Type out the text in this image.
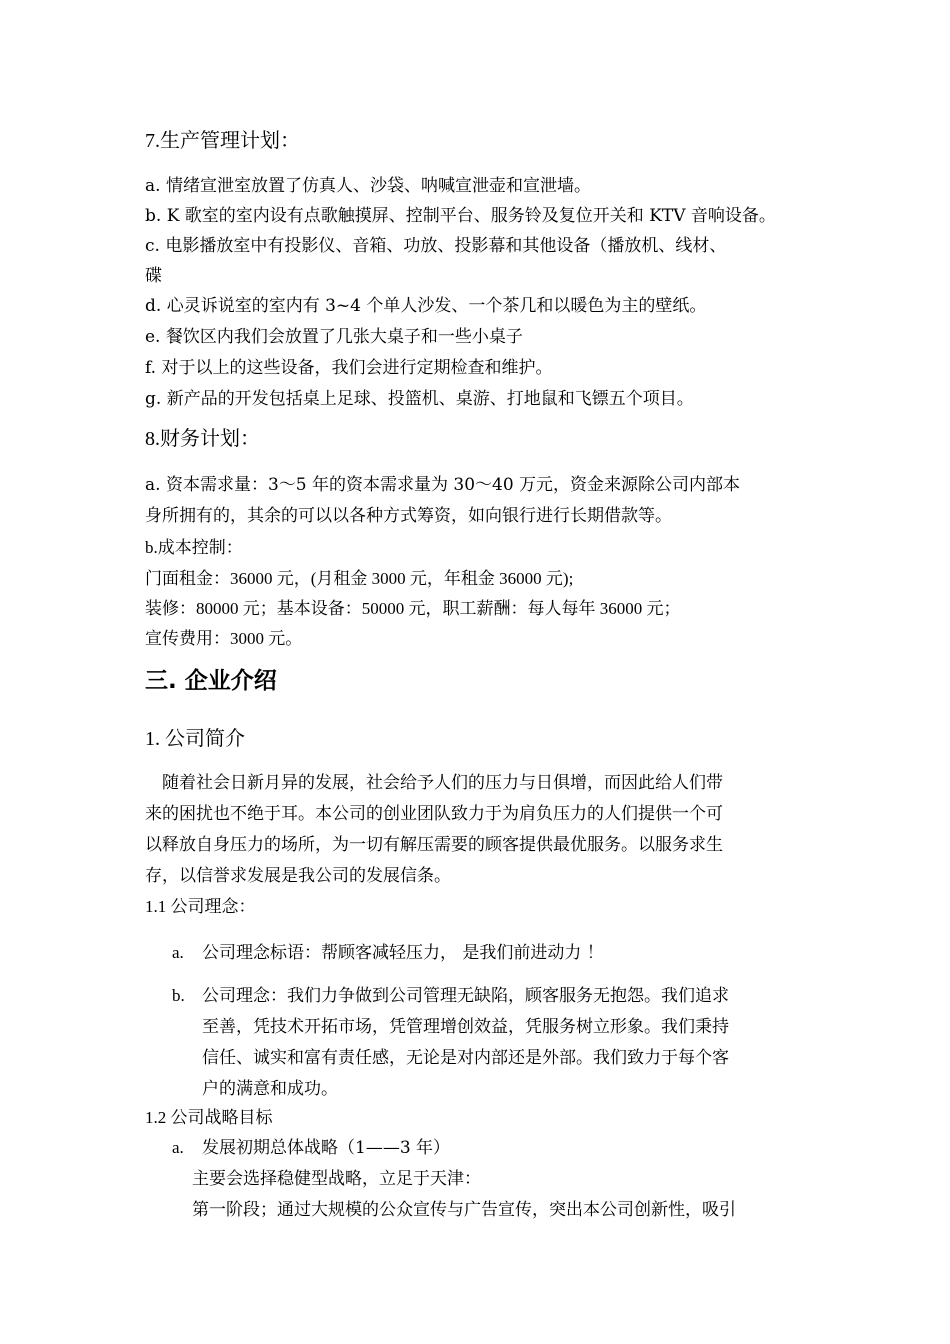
7.生产管理计划：
a. 情绪宣泄室放置了仿真人、沙袋、呐喊宣泄壶和宣泄墙。
b. K 歌室的室内设有点歌触摸屏、控制平台、服务铃及复位开关和 KTV 音响设备。
c. 电影播放室中有投影仪、音箱、功放、投影幕和其他设备（播放机、线材、
碟
d. 心灵诉说室的室内有 3~4 个单人沙发、一个茶几和以暖色为主的壁纸。
e. 餐饮区内我们会放置了几张大桌子和一些小桌子
f. 对于以上的这些设备，我们会进行定期检查和维护。
g. 新产品的开发包括桌上足球、投篮机、桌游、打地鼠和飞镖五个项目。
8.财务计划：
a. 资本需求量：3～5 年的资本需求量为 30～40 万元，资金来源除公司内部本
身所拥有的，其余的可以以各种方式筹资，如向银行进行长期借款等。
b.成本控制：
门面租金：36000 元，(月租金 3000 元，年租金 36000 元);
装修：80000 元；基本设备：50000 元，职工薪酬：每人每年 36000 元；
宣传费用：3000 元。
三. 企业介绍
1. 公司简介
随着社会日新月异的发展，社会给予人们的压力与日俱增，而因此给人们带
来的困扰也不绝于耳。本公司的创业团队致力于为肩负压力的人们提供一个可
以释放自身压力的场所，为一切有解压需要的顾客提供最优服务。以服务求生
存，以信誉求发展是我公司的发展信条。
1.1 公司理念：
a. 公司理念标语：帮顾客减轻压力， 是我们前进动力 ！
b. 公司理念：我们力争做到公司管理无缺陷，顾客服务无抱怨。我们追求
至善，凭技术开拓市场，凭管理增创效益，凭服务树立形象。我们秉持
信任、诚实和富有责任感，无论是对内部还是外部。我们致力于每个客
户的满意和成功。
1.2 公司战略目标
a. 发展初期总体战略（1——3 年）
主要会选择稳健型战略，立足于天津：
第一阶段；通过大规模的公众宣传与广告宣传，突出本公司创新性，吸引
